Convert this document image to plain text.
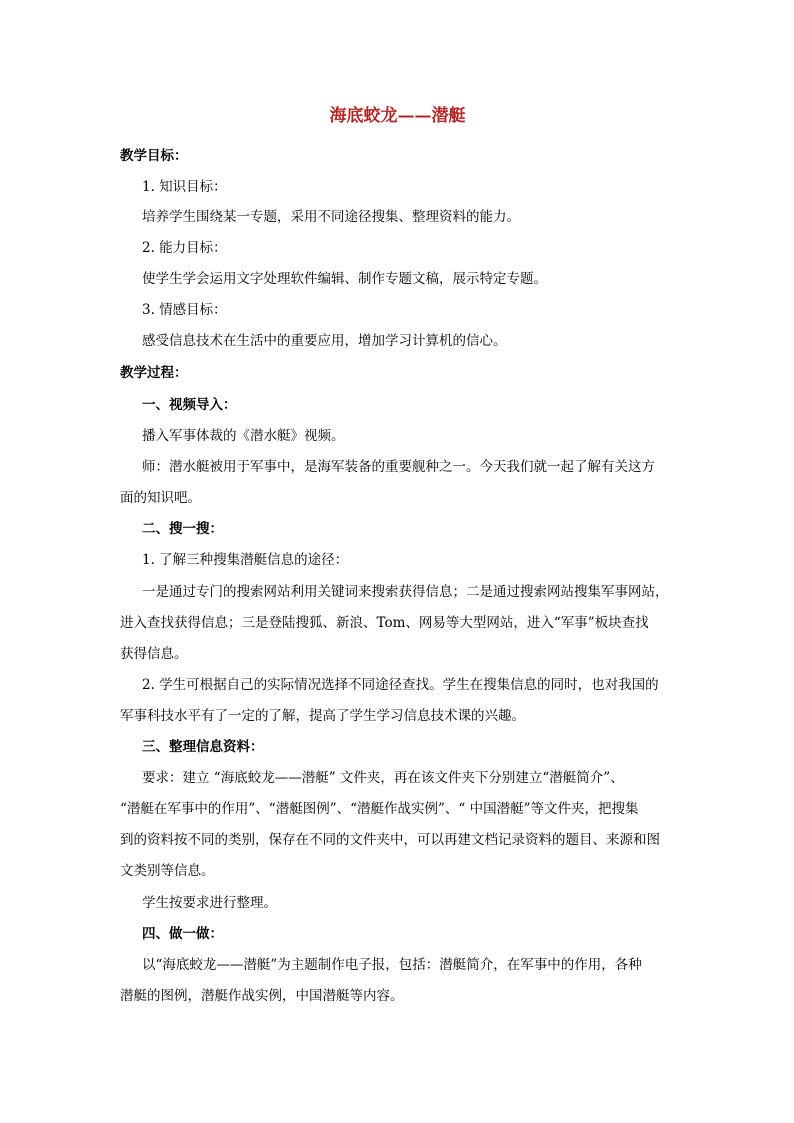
海底蛟龙——潜艇
教学目标：
1. 知识目标：
培养学生围绕某一专题，采用不同途径搜集、整理资料的能力。
2. 能力目标：
使学生学会运用文字处理软件编辑、制作专题文稿，展示特定专题。
3. 情感目标：
感受信息技术在生活中的重要应用，增加学习计算机的信心。
教学过程：
一、视频导入：
播入军事体裁的《潜水艇》视频。
师：潜水艇被用于军事中，是海军装备的重要舰种之一。今天我们就一起了解有关这方
面的知识吧。
二、搜一搜：
1. 了解三种搜集潜艇信息的途径：
一是通过专门的搜索网站利用关键词来搜索获得信息；二是通过搜索网站搜集军事网站，
进入查找获得信息；三是登陆搜狐、新浪、Tom、网易等大型网站，进入“军事”板块查找
获得信息。
2. 学生可根据自己的实际情况选择不同途径查找。学生在搜集信息的同时，也对我国的
军事科技水平有了一定的了解，提高了学生学习信息技术课的兴趣。
三、整理信息资料：
要求：建立 “海底蛟龙——潜艇” 文件夹，再在该文件夹下分别建立“潜艇简介”、
“潜艇在军事中的作用”、“潜艇图例”、“潜艇作战实例”、“ 中国潜艇”等文件夹，把搜集
到的资料按不同的类别，保存在不同的文件夹中，可以再建文档记录资料的题目、来源和图
文类别等信息。
学生按要求进行整理。
四、做一做：
以“海底蛟龙——潜艇”为主题制作电子报，包括：潜艇简介，在军事中的作用，各种
潜艇的图例，潜艇作战实例，中国潜艇等内容。
